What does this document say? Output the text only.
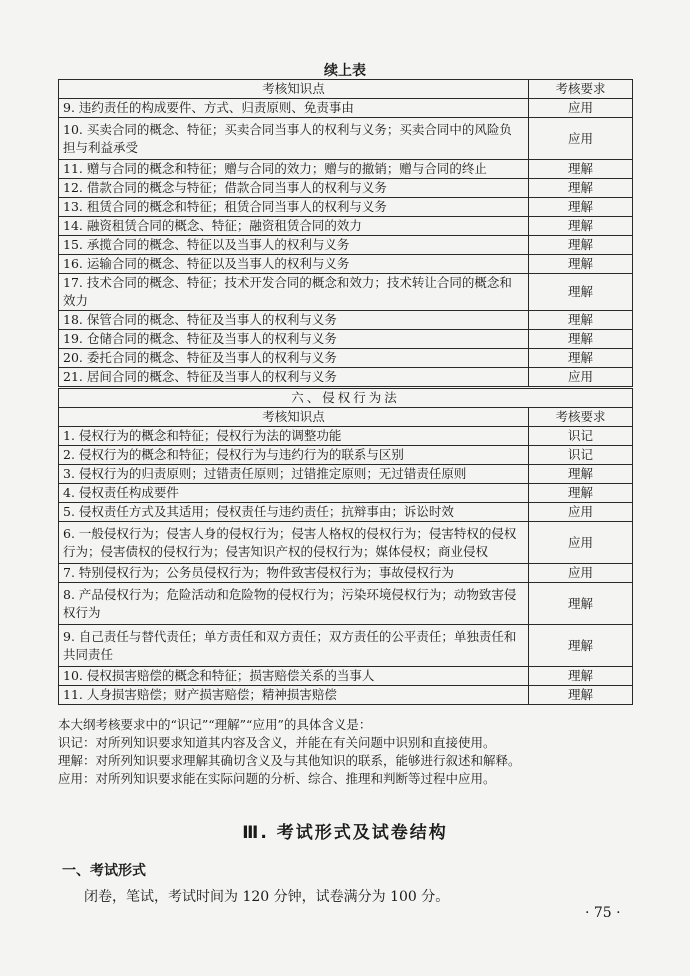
续上表
考核知识点	考核要求
9. 违约责任的构成要件、方式、归责原则、免责事由	应用
10. 买卖合同的概念、特征；买卖合同当事人的权利与义务；买卖合同中的风险负担与利益承受	应用
11. 赠与合同的概念和特征；赠与合同的效力；赠与的撤销；赠与合同的终止	理解
12. 借款合同的概念与特征；借款合同当事人的权利与义务	理解
13. 租赁合同的概念和特征；租赁合同当事人的权利与义务	理解
14. 融资租赁合同的概念、特征；融资租赁合同的效力	理解
15. 承揽合同的概念、特征以及当事人的权利与义务	理解
16. 运输合同的概念、特征以及当事人的权利与义务	理解
17. 技术合同的概念、特征；技术开发合同的概念和效力；技术转让合同的概念和效力	理解
18. 保管合同的概念、特征及当事人的权利与义务	理解
19. 仓储合同的概念、特征及当事人的权利与义务	理解
20. 委托合同的概念、特征及当事人的权利与义务	理解
21. 居间合同的概念、特征及当事人的权利与义务	应用
六、侵权行为法	
考核知识点	考核要求
1. 侵权行为的概念和特征；侵权行为法的调整功能	识记
2. 侵权行为的概念和特征；侵权行为与违约行为的联系与区别	识记
3. 侵权行为的归责原则；过错责任原则；过错推定原则；无过错责任原则	理解
4. 侵权责任构成要件	理解
5. 侵权责任方式及其适用；侵权责任与违约责任；抗辩事由；诉讼时效	应用
6. 一般侵权行为；侵害人身的侵权行为；侵害人格权的侵权行为；侵害特权的侵权行为；侵害债权的侵权行为；侵害知识产权的侵权行为；媒体侵权；商业侵权	应用
7. 特别侵权行为；公务员侵权行为；物件致害侵权行为；事故侵权行为	应用
8. 产品侵权行为；危险活动和危险物的侵权行为；污染环境侵权行为；动物致害侵权行为	理解
9. 自己责任与替代责任；单方责任和双方责任；双方责任的公平责任；单独责任和共同责任	理解
10. 侵权损害赔偿的概念和特征；损害赔偿关系的当事人	理解
11. 人身损害赔偿；财产损害赔偿；精神损害赔偿	理解

本大纲考核要求中的“识记”“理解”“应用”的具体含义是：

识记：对所列知识要求知道其内容及含义，并能在有关问题中识别和直接使用。

理解：对所列知识要求理解其确切含义及与其他知识的联系，能够进行叙述和解释。

应用：对所列知识要求能在实际问题的分析、综合、推理和判断等过程中应用。

Ⅲ. 考试形式及试卷结构
一、考试形式
闭卷，笔试，考试时间为 120 分钟，试卷满分为 100 分。
· 75 ·
